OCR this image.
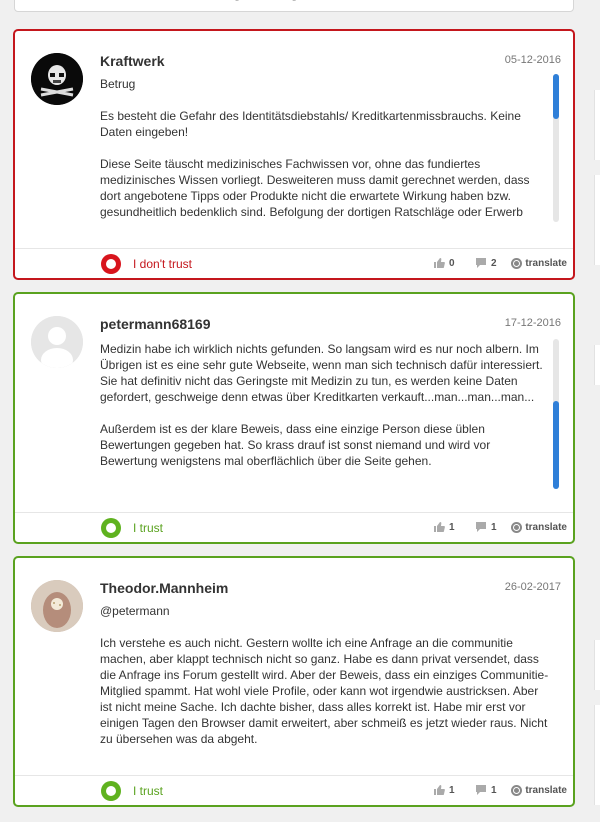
Kraftwerk	05-12-2016
Betrug

Es besteht die Gefahr des Identitätsdiebstahls/ Kreditkartenmissbrauchs. Keine Daten eingeben!

Diese Seite täuscht medizinisches Fachwissen vor, ohne das fundiertes medizinisches Wissen vorliegt. Desweiteren muss damit gerechnet werden, dass dort angebotene Tipps oder Produkte nicht die erwartete Wirkung haben bzw. gesundheitlich bedenklich sind. Befolgung der dortigen Ratschläge oder Erwerb

I don't trust	0	2	translate
petermann68169	17-12-2016

Medizin habe ich wirklich nichts gefunden. So langsam wird es nur noch albern. Im Übrigen ist es eine sehr gute Webseite, wenn man sich technisch dafür interessiert. Sie hat definitiv nicht das Geringste mit Medizin zu tun, es werden keine Daten gefordert, geschweige denn etwas über Kreditkarten verkauft...man...man...man...

Außerdem ist es der klare Beweis, dass eine einzige Person diese üblen Bewertungen gegeben hat. So krass drauf ist sonst niemand und wird vor Bewertung wenigstens mal oberflächlich über die Seite gehen.

I trust	1	1	translate
Theodor.Mannheim	26-02-2017
@petermann

Ich verstehe es auch nicht. Gestern wollte ich eine Anfrage an die communitie machen, aber klappt technisch nicht so ganz. Habe es dann privat versendet, dass die Anfrage ins Forum gestellt wird. Aber der Beweis, dass ein einziges Communitie-Mitglied spammt. Hat wohl viele Profile, oder kann wot irgendwie austricksen. Aber ist nicht meine Sache. Ich dachte bisher, dass alles korrekt ist. Habe mir erst vor einigen Tagen den Browser damit erweitert, aber schmeiß es jetzt wieder raus. Nicht zu übersehen was da abgeht.

I trust	1	1	translate
